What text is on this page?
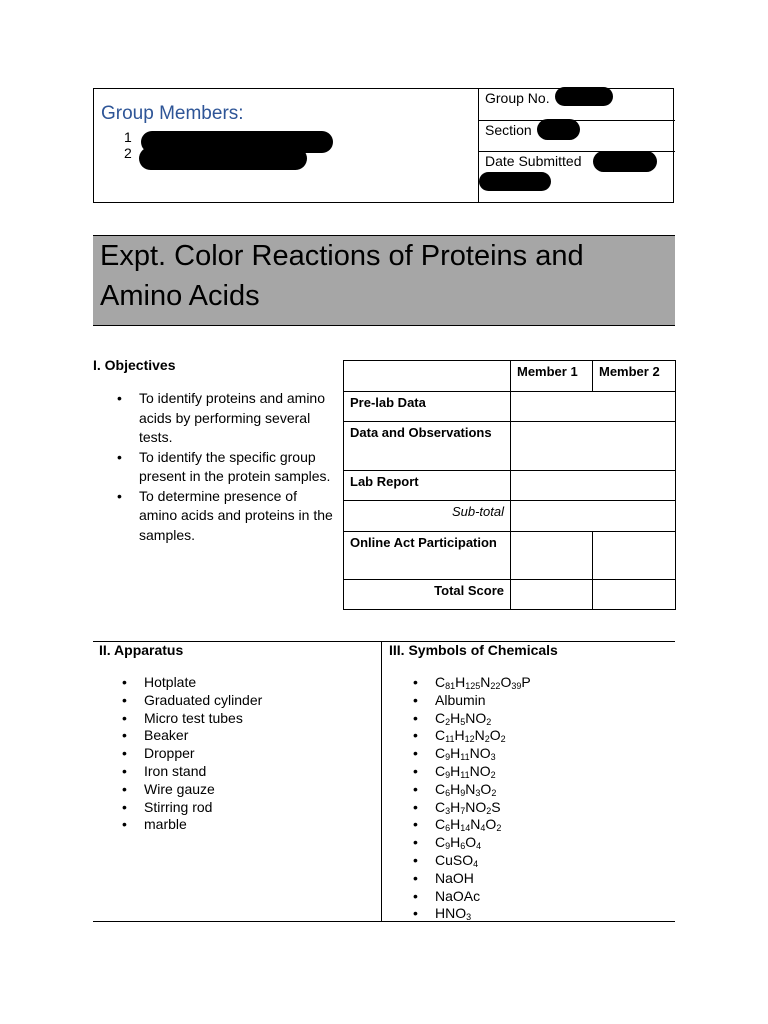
Group Members:
1
2
Group No.
Section
Date Submitted
Expt. Color Reactions of Proteins and Amino Acids
I. Objectives
• To identify proteins and amino acids by performing several tests.
• To identify the specific group present in the protein samples.
• To determine presence of amino acids and proteins in the samples.
	Member 1	Member 2
Pre-lab Data		
Data and Observations		
Lab Report		
Sub-total		
Online Act Participation		
Total Score		
II. Apparatus
• Hotplate
• Graduated cylinder
• Micro test tubes
• Beaker
• Dropper
• Iron stand
• Wire gauze
• Stirring rod
• marble
III. Symbols of Chemicals
• $C_{81}H_{125}N_{22}O_{39}P$
• Albumin
• $C_2H_5NO_2$
• $C_{11}H_{12}N_2O_2$
• $C_9H_{11}NO_3$
• $C_9H_{11}NO_2$
• $C_6H_9N_3O_2$
• $C_3H_7NO_2S$
• $C_6H_{14}N_4O_2$
• $C_9H_6O_4$
• CuSO$_4$
• NaOH
• NaOAc
• $HNO_3$
